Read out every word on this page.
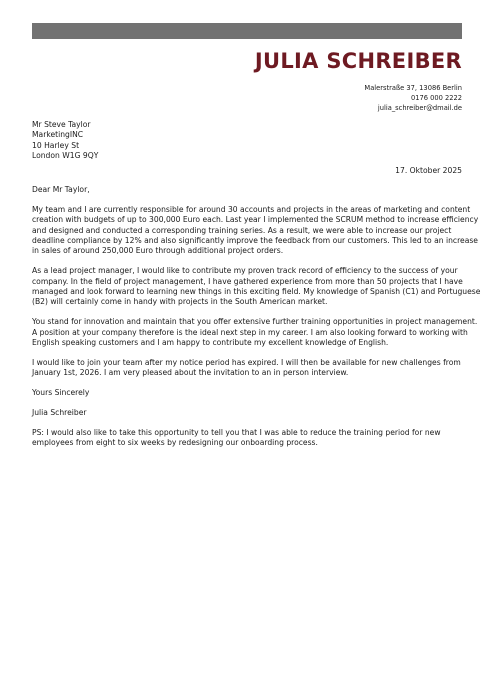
JULIA SCHREIBER
Malerstraße 37, 13086 Berlin
0176 000 2222
julia_schreiber@dmail.de
Mr Steve Taylor
MarketingINC
10 Harley St
London W1G 9QY
17. Oktober 2025

Dear Mr Taylor,

My team and I are currently responsible for around 30 accounts and projects in the areas of marketing and content
creation with budgets of up to 300,000 Euro each. Last year I implemented the SCRUM method to increase efficiency
and designed and conducted a corresponding training series. As a result, we were able to increase our project
deadline compliance by 12% and also significantly improve the feedback from our customers. This led to an increase
in sales of around 250,000 Euro through additional project orders.

As a lead project manager, I would like to contribute my proven track record of efficiency to the success of your
company. In the field of project management, I have gathered experience from more than 50 projects that I have
managed and look forward to learning new things in this exciting field. My knowledge of Spanish (C1) and Portuguese
(B2) will certainly come in handy with projects in the South American market.

You stand for innovation and maintain that you offer extensive further training opportunities in project management.
A position at your company therefore is the ideal next step in my career. I am also looking forward to working with
English speaking customers and I am happy to contribute my excellent knowledge of English.

I would like to join your team after my notice period has expired. I will then be available for new challenges from
January 1st, 2026. I am very pleased about the invitation to an in person interview.

Yours Sincerely

Julia Schreiber

PS: I would also like to take this opportunity to tell you that I was able to reduce the training period for new
employees from eight to six weeks by redesigning our onboarding process.
